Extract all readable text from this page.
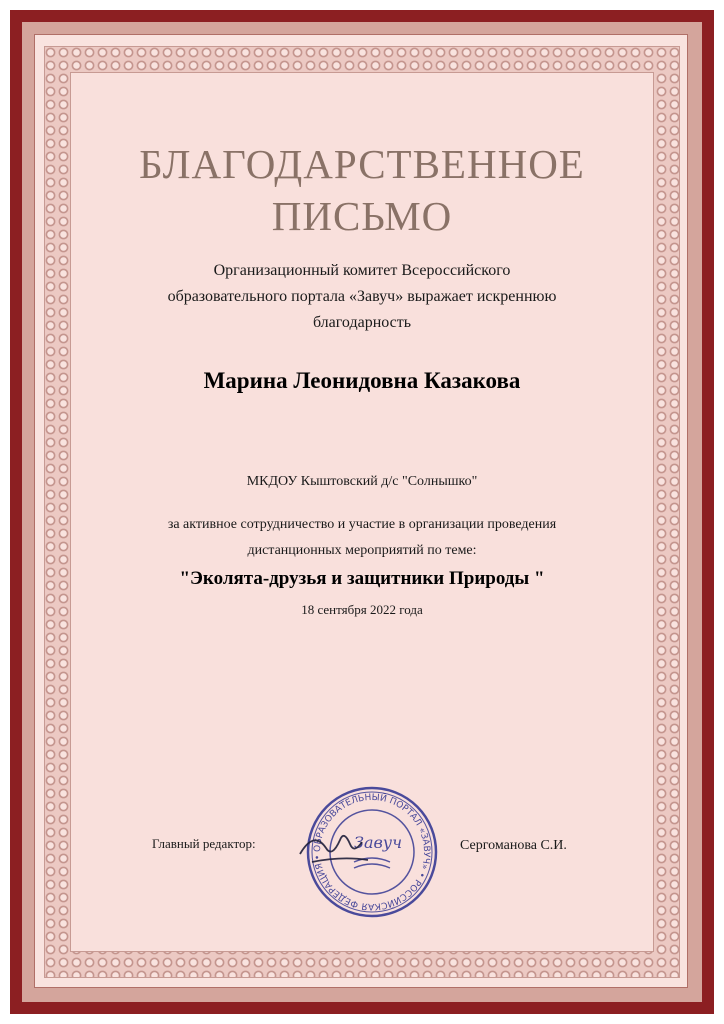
БЛАГОДАРСТВЕННОЕ
ПИСЬМО
Организационный комитет Всероссийского
образовательного портала «Завуч» выражает искреннюю
благодарность
Марина Леонидовна Казакова
МКДОУ Кыштовский д/с "Солнышко"
за активное сотрудничество и участие в организации проведения
дистанционных мероприятий по теме:
"Эколята-друзья и защитники Природы "
18 сентября 2022 года
Главный редактор:	ОБРАЗОВАТЕЛЬНЫЙ ПОРТАЛ «ЗАВУЧ» • РОССИЙСКАЯ ФЕДЕРАЦИЯ •
Завуч	Сергоманова С.И.
